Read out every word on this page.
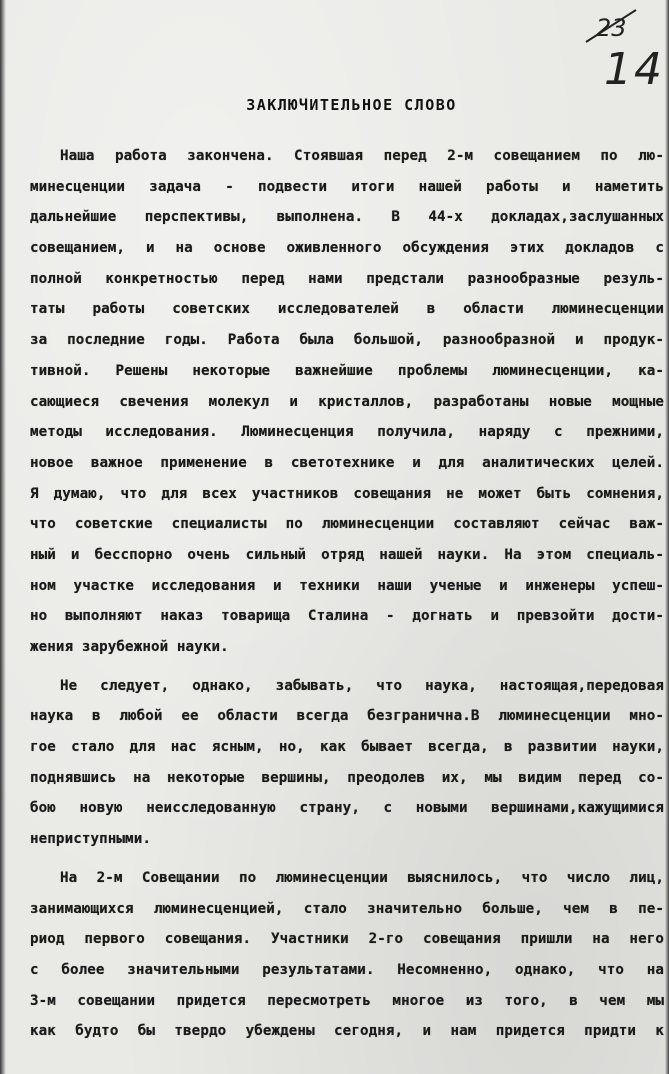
23
14
ЗАКЛЮЧИТЕЛЬНОЕ СЛОВО
Наша работа закончена. Стоявшая перед 2-м совещанием по лю-
минесценции задача - подвести итоги нашей работы и наметить
дальнейшие перспективы, выполнена. В 44-х докладах,заслушанных
совещанием, и на основе оживленного обсуждения этих докладов с
полной конкретностью перед нами предстали разнообразные резуль-
таты работы советских исследователей в области люминесценции
за последние годы. Работа была большой, разнообразной и продук-
тивной. Решены некоторые важнейшие проблемы люминесценции, ка-
сающиеся свечения молекул и кристаллов, разработаны новые мощные
методы исследования. Люминесценция получила, наряду с прежними,
новое важное применение в светотехнике и для аналитических целей.
Я думаю, что для всех участников совещания не может быть сомнения,
что советские специалисты по люминесценции составляют сейчас важ-
ный и бесспорно очень сильный отряд нашей науки. На этом специаль-
ном участке исследования и техники наши ученые и инженеры успеш-
но выполняют наказ товарища Сталина - догнать и превзойти дости-
жения зарубежной науки.
Не следует, однако, забывать, что наука, настоящая,передовая
наука в любой ее области всегда безгранична.В люминесценции мно-
гое стало для нас ясным, но, как бывает всегда, в развитии науки,
поднявшись на некоторые вершины, преодолев их, мы видим перед со-
бою новую неисследованную страну, с новыми вершинами,кажущимися
неприступными.
На 2-м Совещании по люминесценции выяснилось, что число лиц,
занимающихся люминесценцией, стало значительно больше, чем в пе-
риод первого совещания. Участники 2-го совещания пришли на него
с более значительными результатами. Несомненно, однако, что на
3-м совещании придется пересмотреть многое из того, в чем мы
как будто бы твердо убеждены сегодня, и нам придется придти к
